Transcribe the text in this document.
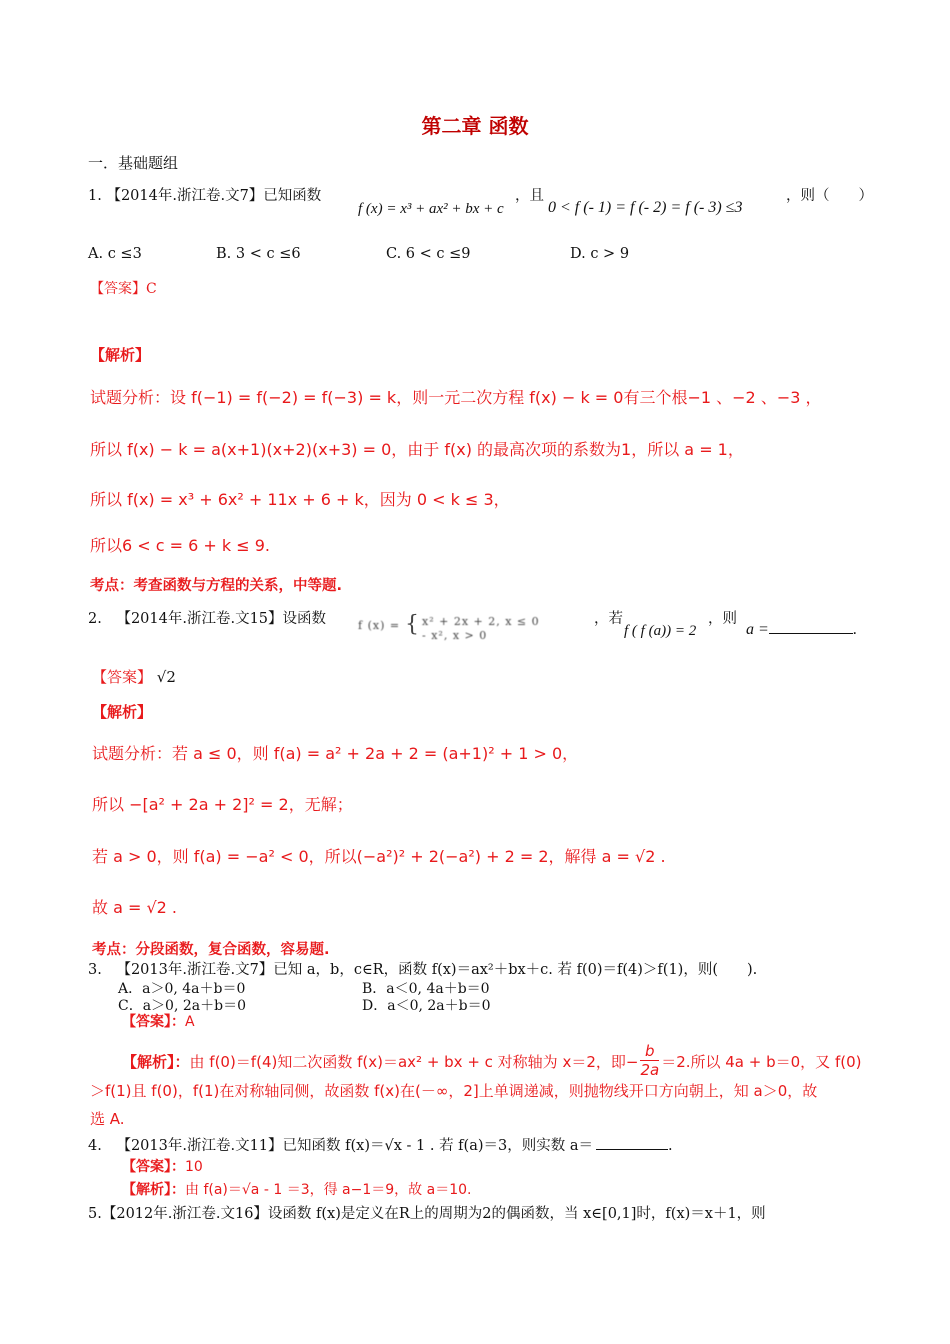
第二章 函数
一．基础题组
1. 【2014年.浙江卷.文7】已知函数
f (x) = x³ + ax² + bx + c
，且
0 < f (- 1) = f (- 2) = f (- 3) ≤3
，则（　　）
A. c ≤3	B. 3 < c ≤6	C. 6 < c ≤9	D. c > 9
【答案】C
【解析】
试题分析：设 f(−1) = f(−2) = f(−3) = k，则一元二次方程 f(x) − k = 0有三个根−1 、−2 、−3 ，
所以 f(x) − k = a(x+1)(x+2)(x+3) = 0，由于 f(x) 的最高次项的系数为1，所以 a = 1，
所以 f(x) = x³ + 6x² + 11x + 6 + k，因为 0 < k ≤ 3，
所以6 < c = 6 + k ≤ 9.
考点：考查函数与方程的关系，中等题.
2. 【2014年.浙江卷.文15】设函数	f (x) = { x² + 2x + 2, x ≤ 0
- x², x > 0
，若
f ( f (a)) = 2
，则
a =	.
【答案】 √2
【解析】
试题分析：若 a ≤ 0，则 f(a) = a² + 2a + 2 = (a+1)² + 1 > 0，
所以 −[a² + 2a + 2]² = 2，无解；
若 a > 0，则 f(a) = −a² < 0，所以(−a²)² + 2(−a²) + 2 = 2，解得 a = √2 .
故 a = √2 .
考点：分段函数，复合函数，容易题.
3. 【2013年.浙江卷.文7】已知 a，b，c∈R，函数 f(x)＝ax²＋bx＋c. 若 f(0)＝f(4)＞f(1)，则(　　).
A．a＞0, 4a＋b＝0	B．a＜0, 4a＋b＝0
C．a＞0, 2a＋b＝0	D．a＜0, 2a＋b＝0
【答案】：A
【解析】：由 f(0)＝f(4)知二次函数 f(x)＝ax² + bx + c 对称轴为 x＝2，即− $\frac{b}{2a} =2$.所以 4a + b＝0，又 f(0)
＞f(1)且 f(0)，f(1)在对称轴同侧，故函数 f(x)在(－∞，2]上单调递减，则抛物线开口方向朝上，知 a＞0，故
选 A.
4. 【2013年.浙江卷.文11】已知函数 f(x)＝√x - 1 . 若 f(a)＝3，则实数 a＝	.
【答案】：10
【解析】：由 f(a)＝√a - 1 ＝3，得 a−1＝9，故 a＝10.
5.【2012年.浙江卷.文16】设函数 f(x)是定义在R上的周期为2的偶函数，当 x∈[0,1]时，f(x)＝x＋1，则
